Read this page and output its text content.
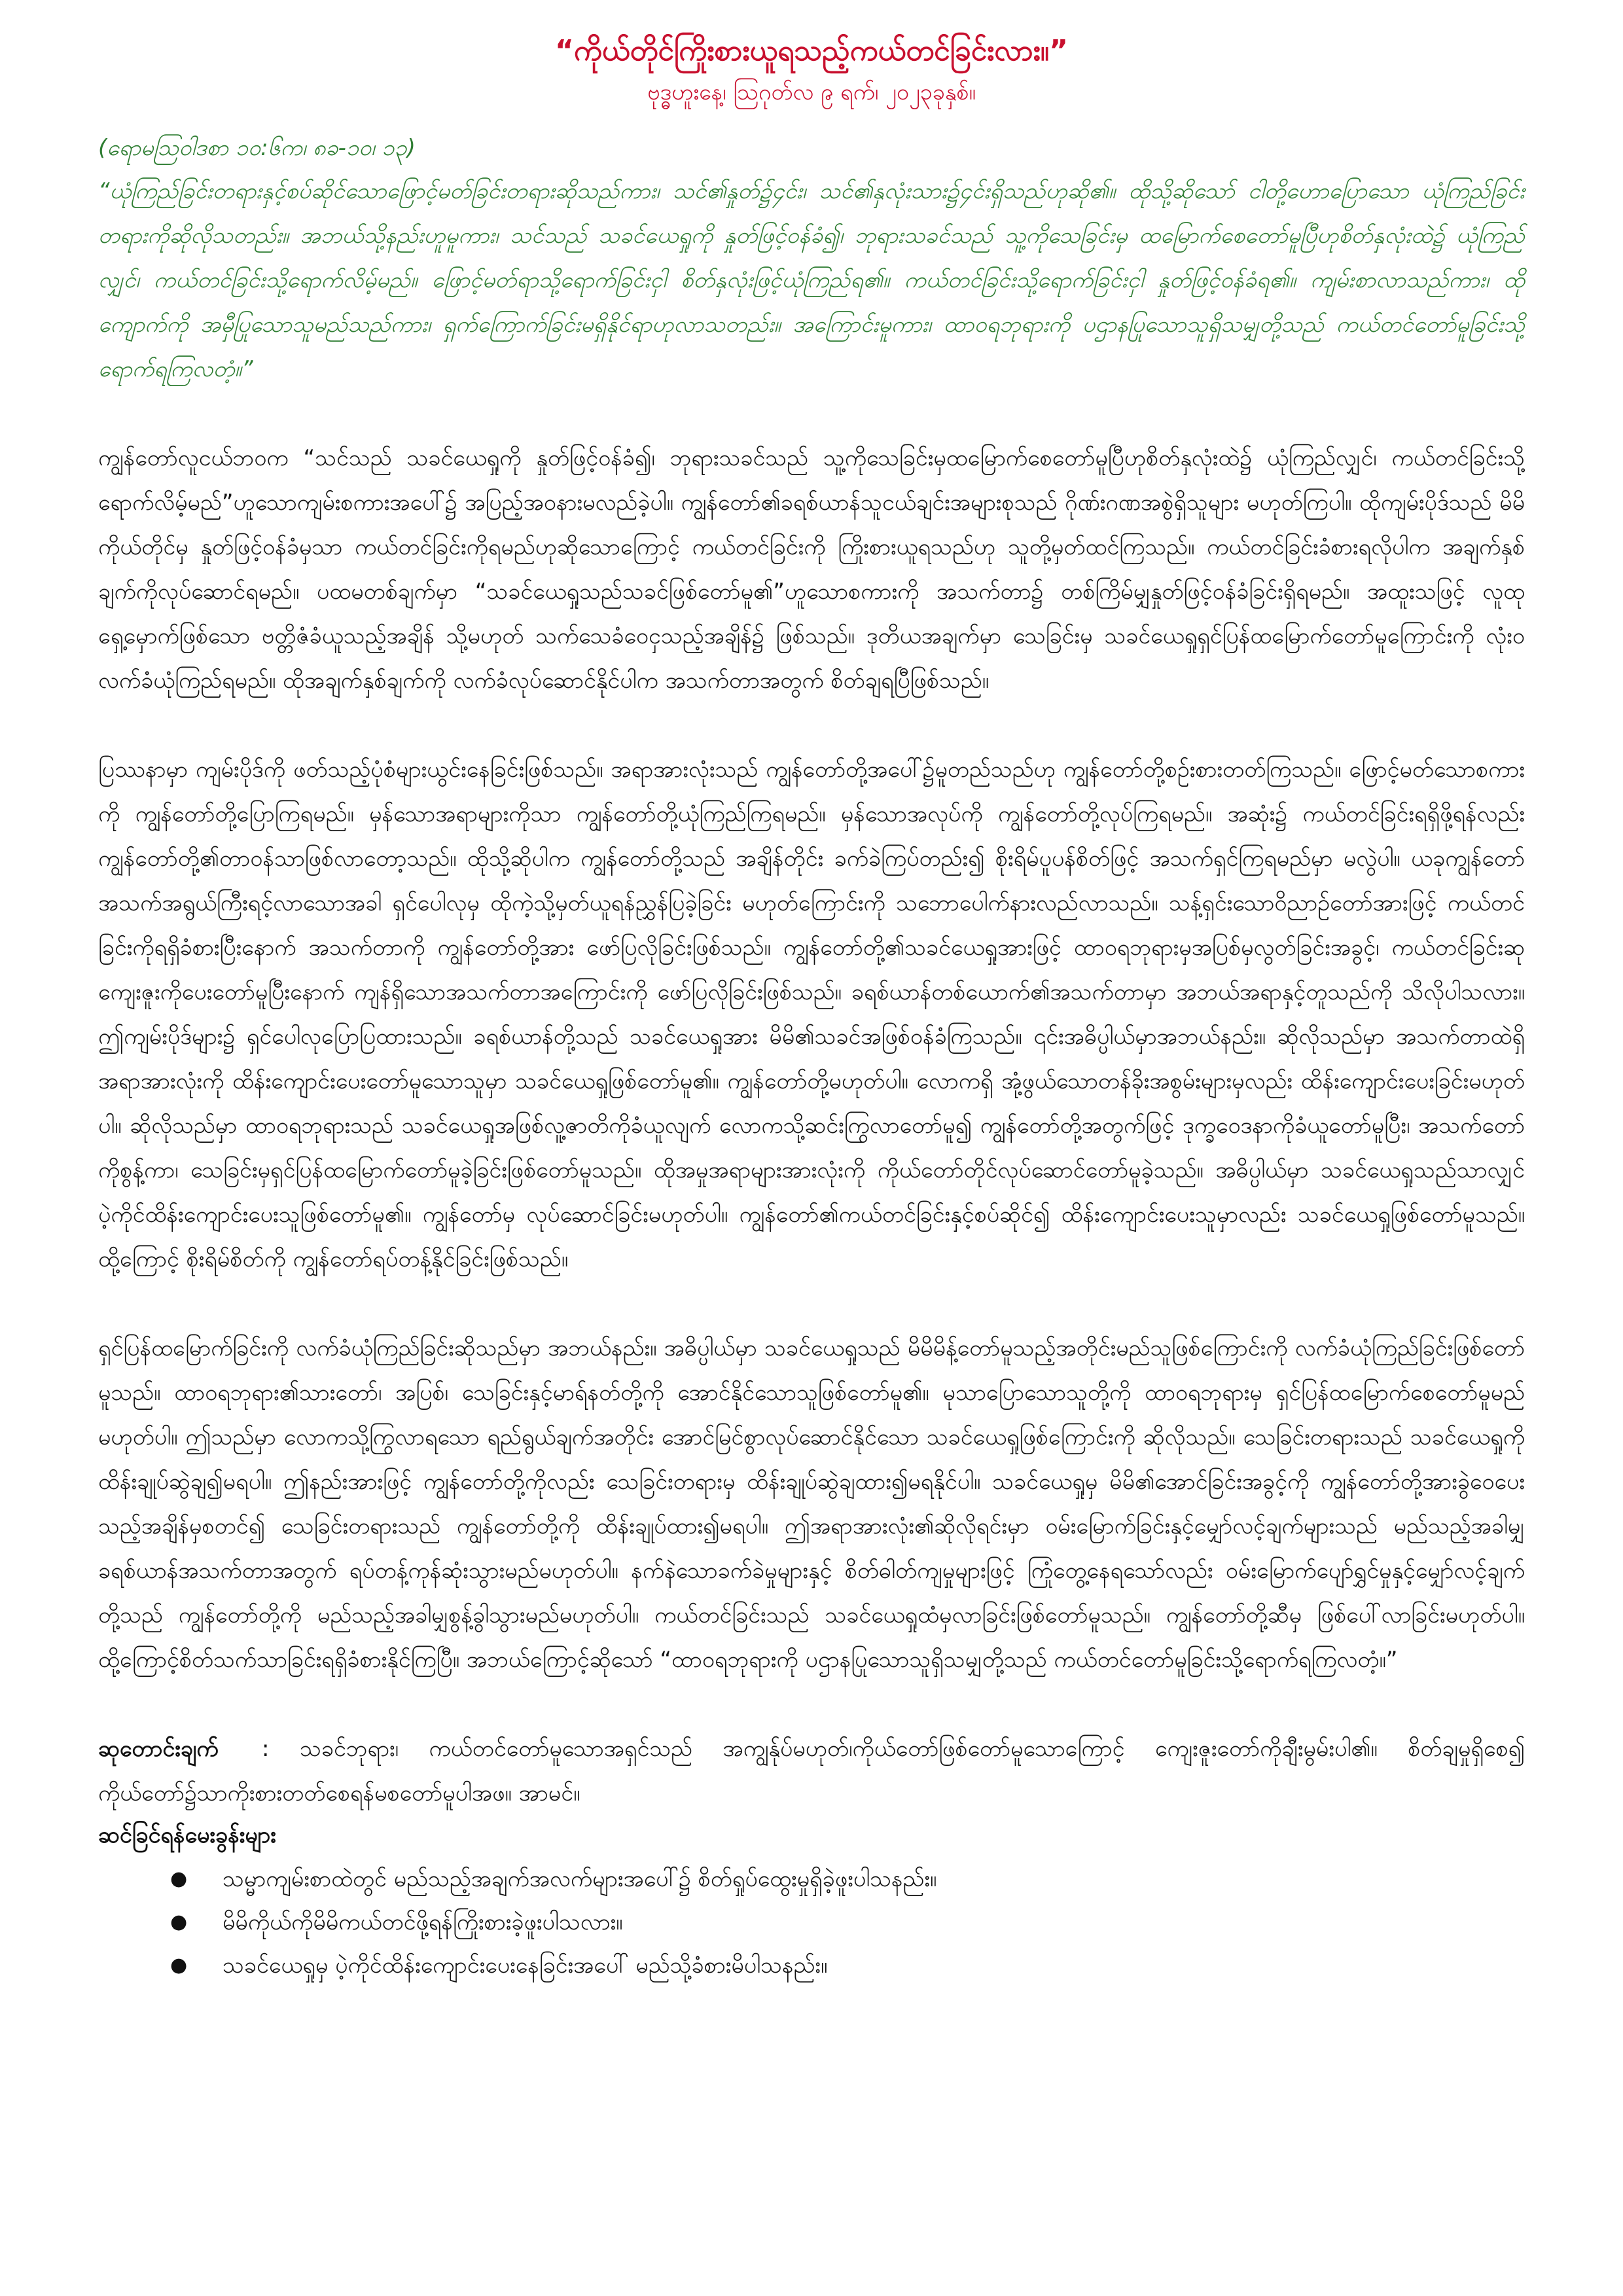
“ကိုယ်တိုင်ကြိုးစားယူရသည့်ကယ်တင်ခြင်းလား။”

ဗုဒ္ဓဟူးနေ့၊ ဩဂုတ်လ ၉ ရက်၊ ၂၀၂၃ခုနှစ်။

(ရောမဩဝါဒစာ ၁၀:၆က၊ ၈ခ-၁၀၊ ၁၃)

“ယုံကြည်ခြင်းတရားနှင့်စပ်ဆိုင်သောဖြောင့်မတ်ခြင်းတရားဆိုသည်ကား၊ သင်၏နှုတ်၌၄င်း၊ သင်၏နှလုံးသား၌၄င်းရှိသည်ဟုဆို၏။ ထိုသို့ဆိုသော် ငါတို့ဟောပြောသော ယုံကြည်ခြင်းတရားကိုဆိုလိုသတည်း။ အဘယ်သို့နည်းဟူမူကား၊ သင်သည် သခင်ယေရှုကို နှုတ်ဖြင့်ဝန်ခံ၍၊ ဘုရားသခင်သည် သူ့ကိုသေခြင်းမှ ထမြောက်စေတော်မူပြီဟုစိတ်နှလုံးထဲ၌ ယုံကြည်လျှင်၊ ကယ်တင်ခြင်းသို့ရောက်လိမ့်မည်။ ဖြောင့်မတ်ရာသို့ရောက်ခြင်းငှါ စိတ်နှလုံးဖြင့်ယုံကြည်ရ၏။ ကယ်တင်ခြင်းသို့ရောက်ခြင်းငှါ နှုတ်ဖြင့်ဝန်ခံရ၏။ ကျမ်းစာလာသည်ကား၊ ထိုကျောက်ကို အမှီပြုသောသူမည်သည်ကား၊ ရှက်ကြောက်ခြင်းမရှိနိုင်ရာဟုလာသတည်း။ အကြောင်းမူကား၊ ထာဝရဘုရားကို ပဌာနပြုသောသူရှိသမျှတို့သည် ကယ်တင်တော်မူခြင်းသို့ရောက်ရကြလတံ့။”

ကျွန်တော်လူငယ်ဘဝက “သင်သည် သခင်ယေရှုကို နှုတ်ဖြင့်ဝန်ခံ၍၊ ဘုရားသခင်သည် သူ့ကိုသေခြင်းမှထမြောက်စေတော်မူပြီဟုစိတ်နှလုံးထဲ၌ ယုံကြည်လျှင်၊ ကယ်တင်ခြင်းသို့ရောက်လိမ့်မည်”ဟူသောကျမ်းစကားအပေါ်၌ အပြည့်အဝနားမလည်ခဲ့ပါ။ ကျွန်တော်၏ခရစ်ယာန်သူငယ်ချင်းအများစုသည် ဂိုဏ်းဂဏအစွဲရှိသူများ မဟုတ်ကြပါ။ ထိုကျမ်းပိုဒ်သည် မိမိကိုယ်တိုင်မှ နှုတ်ဖြင့်ဝန်ခံမှသာ ကယ်တင်ခြင်းကိုရမည်ဟုဆိုသောကြောင့် ကယ်တင်ခြင်းကို ကြိုးစားယူရသည်ဟု သူတို့မှတ်ထင်ကြသည်။ ကယ်တင်ခြင်းခံစားရလိုပါက အချက်နှစ်ချက်ကိုလုပ်ဆောင်ရမည်။ ပထမတစ်ချက်မှာ “သခင်ယေရှုသည်သခင်ဖြစ်တော်မူ၏”ဟူသောစကားကို အသက်တာ၌ တစ်ကြိမ်မျှနှုတ်ဖြင့်ဝန်ခံခြင်းရှိရမည်။ အထူးသဖြင့် လူထုရှေ့မှောက်ဖြစ်သော ဗတ္တိဇံခံယူသည့်အချိန် သို့မဟုတ် သက်သေခံဝေငှသည့်အချိန်၌ ဖြစ်သည်။ ဒုတိယအချက်မှာ သေခြင်းမှ သခင်ယေရှုရှင်ပြန်ထမြောက်တော်မူကြောင်းကို လုံးဝလက်ခံယုံကြည်ရမည်။ ထိုအချက်နှစ်ချက်ကို လက်ခံလုပ်ဆောင်နိုင်ပါက အသက်တာအတွက် စိတ်ချရပြီဖြစ်သည်။

ပြဿနာမှာ ကျမ်းပိုဒ်ကို ဖတ်သည့်ပုံစံများယွင်းနေခြင်းဖြစ်သည်။ အရာအားလုံးသည် ကျွန်တော်တို့အပေါ်၌မူတည်သည်ဟု ကျွန်တော်တို့စဉ်းစားတတ်ကြသည်။ ဖြောင့်မတ်သောစကားကို ကျွန်တော်တို့ပြောကြရမည်။ မှန်သောအရာများကိုသာ ကျွန်တော်တို့ယုံကြည်ကြရမည်။ မှန်သောအလုပ်ကို ကျွန်တော်တို့လုပ်ကြရမည်။ အဆုံး၌ ကယ်တင်ခြင်းရရှိဖို့ရန်လည်း ကျွန်တော်တို့၏တာဝန်သာဖြစ်လာတော့သည်။ ထိုသို့ဆိုပါက ကျွန်တော်တို့သည် အချိန်တိုင်း ခက်ခဲကြပ်တည်း၍ စိုးရိမ်ပူပန်စိတ်ဖြင့် အသက်ရှင်ကြရမည်မှာ မလွဲပါ။ ယခုကျွန်တော် အသက်အရွယ်ကြီးရင့်လာသောအခါ ရှင်ပေါလုမှ ထိုကဲ့သို့မှတ်ယူရန်ညွှန်ပြခဲ့ခြင်း မဟုတ်ကြောင်းကို သဘောပေါက်နားလည်လာသည်။ သန့်ရှင်းသောဝိညာဉ်တော်အားဖြင့် ကယ်တင်ခြင်းကိုရရှိခံစားပြီးနောက် အသက်တာကို ကျွန်တော်တို့အား ဖော်ပြလိုခြင်းဖြစ်သည်။ ကျွန်တော်တို့၏သခင်ယေရှုအားဖြင့် ထာဝရဘုရားမှအပြစ်မှလွတ်ခြင်းအခွင့်၊ ကယ်တင်ခြင်းဆုကျေးဇူးကိုပေးတော်မူပြီးနောက် ကျန်ရှိသောအသက်တာအကြောင်းကို ဖော်ပြလိုခြင်းဖြစ်သည်။ ခရစ်ယာန်တစ်ယောက်၏အသက်တာမှာ အဘယ်အရာနှင့်တူသည်ကို သိလိုပါသလား။ ဤကျမ်းပိုဒ်များ၌ ရှင်ပေါလုပြောပြထားသည်။ ခရစ်ယာန်တို့သည် သခင်ယေရှုအား မိမိ၏သခင်အဖြစ်ဝန်ခံကြသည်။ ၎င်းအဓိပ္ပါယ်မှာအဘယ်နည်း။ ဆိုလိုသည်မှာ အသက်တာထဲရှိအရာအားလုံးကို ထိန်းကျောင်းပေးတော်မူသောသူမှာ သခင်ယေရှုဖြစ်တော်မူ၏။ ကျွန်တော်တို့မဟုတ်ပါ။ လောကရှိ အုံ့ဖွယ်သောတန်ခိုးအစွမ်းများမှလည်း ထိန်းကျောင်းပေးခြင်းမဟုတ်ပါ။ ဆိုလိုသည်မှာ ထာဝရဘုရားသည် သခင်ယေရှုအဖြစ်လူ့ဇာတိကိုခံယူလျက် လောကသို့ဆင်းကြွလာတော်မူ၍ ကျွန်တော်တို့အတွက်ဖြင့် ဒုက္ခဝေဒနာကိုခံယူတော်မူပြီး၊ အသက်တော်ကိုစွန့်ကာ၊ သေခြင်းမှရှင်ပြန်ထမြောက်တော်မူခဲ့ခြင်းဖြစ်တော်မူသည်။ ထိုအမှုအရာများအားလုံးကို ကိုယ်တော်တိုင်လုပ်ဆောင်တော်မူခဲ့သည်။ အဓိပ္ပါယ်မှာ သခင်ယေရှုသည်သာလျှင် ပဲ့ကိုင်ထိန်းကျောင်းပေးသူဖြစ်တော်မူ၏။ ကျွန်တော်မှ လုပ်ဆောင်ခြင်းမဟုတ်ပါ။ ကျွန်တော်၏ကယ်တင်ခြင်းနှင့်စပ်ဆိုင်၍ ထိန်းကျောင်းပေးသူမှာလည်း သခင်ယေရှုဖြစ်တော်မူသည်။ ထို့ကြောင့် စိုးရိမ်စိတ်ကို ကျွန်တော်ရပ်တန့်နိုင်ခြင်းဖြစ်သည်။

ရှင်ပြန်ထမြောက်ခြင်းကို လက်ခံယုံကြည်ခြင်းဆိုသည်မှာ အဘယ်နည်း။ အဓိပ္ပါယ်မှာ သခင်ယေရှုသည် မိမိမိန့်တော်မူသည့်အတိုင်းမည်သူဖြစ်ကြောင်းကို လက်ခံယုံကြည်ခြင်းဖြစ်တော်မူသည်။ ထာဝရဘုရား၏သားတော်၊ အပြစ်၊ သေခြင်းနှင့်မာရ်နတ်တို့ကို အောင်နိုင်သောသူဖြစ်တော်မူ၏။ မုသာပြောသောသူတို့ကို ထာဝရဘုရားမှ ရှင်ပြန်ထမြောက်စေတော်မူမည်မဟုတ်ပါ။ ဤသည်မှာ လောကသို့ကြွလာရသော ရည်ရွယ်ချက်အတိုင်း အောင်မြင်စွာလုပ်ဆောင်နိုင်သော သခင်ယေရှုဖြစ်ကြောင်းကို ဆိုလိုသည်။ သေခြင်းတရားသည် သခင်ယေရှုကို ထိန်းချုပ်ဆွဲချ၍မရပါ။ ဤနည်းအားဖြင့် ကျွန်တော်တို့ကိုလည်း သေခြင်းတရားမှ ထိန်းချုပ်ဆွဲချထား၍မရနိုင်ပါ။ သခင်ယေရှုမှ မိမိ၏အောင်ခြင်းအခွင့်ကို ကျွန်တော်တို့အားခွဲဝေပေးသည့်အချိန်မှစတင်၍ သေခြင်းတရားသည် ကျွန်တော်တို့ကို ထိန်းချုပ်ထား၍မရပါ။ ဤအရာအားလုံး၏ဆိုလိုရင်းမှာ ဝမ်းမြောက်ခြင်းနှင့်မျှော်လင့်ချက်များသည် မည်သည့်အခါမျှ ခရစ်ယာန်အသက်တာအတွက် ရပ်တန့်ကုန်ဆုံးသွားမည်မဟုတ်ပါ။ နက်နဲသောခက်ခဲမှုများနှင့် စိတ်ဓါတ်ကျမှုများဖြင့် ကြုံတွေ့နေရသော်လည်း ဝမ်းမြောက်ပျော်ရွှင်မှုနှင့်မျှော်လင့်ချက်တို့သည် ကျွန်တော်တို့ကို မည်သည့်အခါမျှစွန့်ခွါသွားမည်မဟုတ်ပါ။ ကယ်တင်ခြင်းသည် သခင်ယေရှုထံမှလာခြင်းဖြစ်တော်မူသည်။ ကျွန်တော်တို့ဆီမှ ဖြစ်ပေါ်လာခြင်းမဟုတ်ပါ။ ထို့ကြောင့်စိတ်သက်သာခြင်းရရှိခံစားနိုင်ကြပြီ။ အဘယ်ကြောင့်ဆိုသော် “ထာဝရဘုရားကို ပဌာနပြုသောသူရှိသမျှတို့သည် ကယ်တင်တော်မူခြင်းသို့ရောက်ရကြလတံ့။”

ဆုတောင်းချက် : သခင်ဘုရား၊ ကယ်တင်တော်မူသောအရှင်သည် အကျွန်ုပ်မဟုတ်၊ကိုယ်တော်ဖြစ်တော်မူသောကြောင့် ကျေးဇူးတော်ကိုချီးမွမ်းပါ၏။ စိတ်ချမှုရှိစေ၍ ကိုယ်တော်၌သာကိုးစားတတ်စေရန်မစတော်မူပါအဖ။ အာမင်။

ဆင်ခြင်ရန်မေးခွန်းများ

● သမ္မာကျမ်းစာထဲတွင် မည်သည့်အချက်အလက်များအပေါ်၌ စိတ်ရှုပ်ထွေးမှုရှိခဲ့ဖူးပါသနည်း။
● မိမိကိုယ်ကိုမိမိကယ်တင်ဖို့ရန်ကြိုးစားခဲ့ဖူးပါသလား။
● သခင်ယေရှုမှ ပဲ့ကိုင်ထိန်းကျောင်းပေးနေခြင်းအပေါ် မည်သို့ခံစားမိပါသနည်း။
